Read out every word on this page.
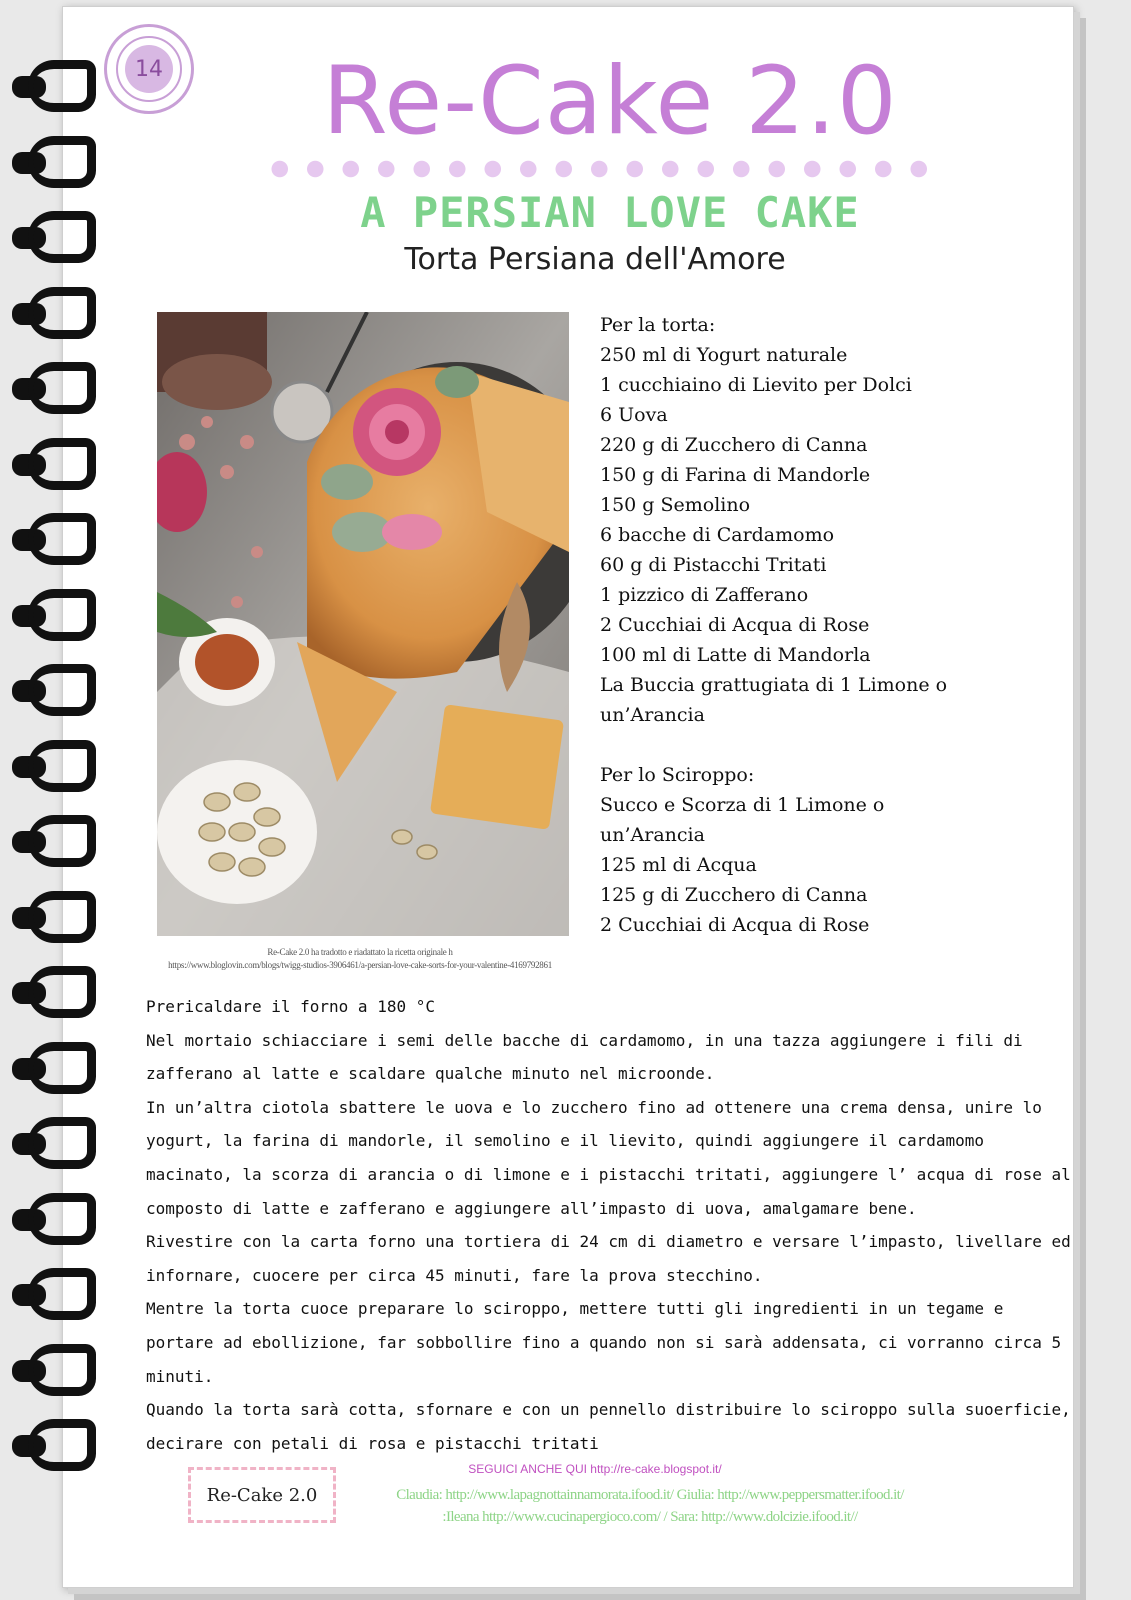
14	Re-Cake 2.0
A PERSIAN LOVE CAKE
Torta Persiana dell'Amore
Re-Cake 2.0 ha tradotto e riadattato la ricetta originale h
https://www.bloglovin.com/blogs/twigg-studios-3906461/a-persian-love-cake-sorts-for-your-valentine-4169792861
Per la torta:
250 ml di Yogurt naturale
1 cucchiaino di Lievito per Dolci
6 Uova
220 g di Zucchero di Canna
150 g di Farina di Mandorle
150 g Semolino
6 bacche di Cardamomo
60 g di Pistacchi Tritati
1 pizzico di Zafferano
2 Cucchiai di Acqua di Rose
100 ml di Latte di Mandorla
La Buccia grattugiata di 1 Limone o
un’Arancia
Per lo Sciroppo:
Succo e Scorza di 1 Limone o
un’Arancia
125 ml di Acqua
125 g di Zucchero di Canna
2 Cucchiai di Acqua di Rose
Prericaldare il forno a 180 °C
Nel mortaio schiacciare i semi delle bacche di cardamomo, in una tazza aggiungere i fili di
zafferano al latte e scaldare qualche minuto nel microonde.
In un’altra ciotola sbattere le uova e lo zucchero fino ad ottenere una crema densa, unire lo
yogurt, la farina di mandorle, il semolino e il lievito, quindi aggiungere il cardamomo
macinato, la scorza di arancia o di limone e i pistacchi tritati, aggiungere l’ acqua di rose al
composto di latte e zafferano e aggiungere all’impasto di uova, amalgamare bene.
Rivestire con la carta forno una tortiera di 24 cm di diametro e versare l’impasto, livellare ed
infornare, cuocere per circa 45 minuti, fare la prova stecchino.
Mentre la torta cuoce preparare lo sciroppo, mettere tutti gli ingredienti in un tegame e
portare ad ebollizione, far sobbollire fino a quando non si sarà addensata, ci vorranno circa 5
minuti.
Quando la torta sarà cotta, sfornare e con un pennello distribuire lo sciroppo sulla suoerficie,
decirare con petali di rosa e pistacchi tritati
Re-Cake 2.0
SEGUICI ANCHE QUI http://re-cake.blogspot.it/
Claudia: http://www.lapagnottainnamorata.ifood.it/ Giulia: http://www.peppersmatter.ifood.it/
:Ileana http://www.cucinapergioco.com/ / Sara: http://www.dolcizie.ifood.it//
